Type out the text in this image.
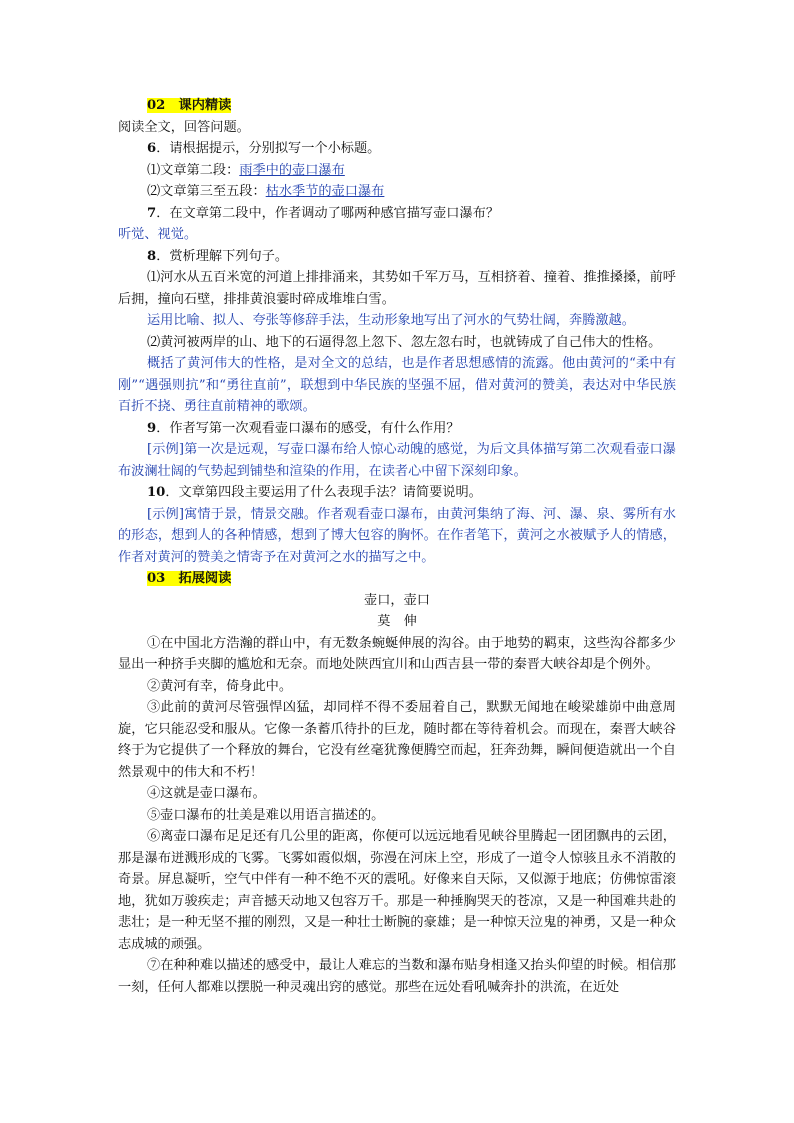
02　课内精读

阅读全文，回答问题。

6．请根据提示，分别拟写一个小标题。

⑴文章第二段：雨季中的壶口瀑布

⑵文章第三至五段：枯水季节的壶口瀑布

7．在文章第二段中，作者调动了哪两种感官描写壶口瀑布？

听觉、视觉。

8．赏析理解下列句子。

⑴河水从五百米宽的河道上排排涌来，其势如千军万马，互相挤着、撞着、推推搡搡，前呼后拥，撞向石壁，排排黄浪霎时碎成堆堆白雪。

运用比喻、拟人、夸张等修辞手法，生动形象地写出了河水的气势壮阔，奔腾激越。

⑵黄河被两岸的山、地下的石逼得忽上忽下、忽左忽右时，也就铸成了自己伟大的性格。

概括了黄河伟大的性格，是对全文的总结，也是作者思想感情的流露。他由黄河的“柔中有刚”“遇强则抗”和“勇往直前”，联想到中华民族的坚强不屈，借对黄河的赞美，表达对中华民族百折不挠、勇往直前精神的歌颂。

9．作者写第一次观看壶口瀑布的感受，有什么作用？

[示例]第一次是远观，写壶口瀑布给人惊心动魄的感觉，为后文具体描写第二次观看壶口瀑布波澜壮阔的气势起到铺垫和渲染的作用，在读者心中留下深刻印象。

10．文章第四段主要运用了什么表现手法？请简要说明。

[示例]寓情于景，情景交融。作者观看壶口瀑布，由黄河集纳了海、河、瀑、泉、雾所有水的形态，想到人的各种情感，想到了博大包容的胸怀。在作者笔下，黄河之水被赋予人的情感，作者对黄河的赞美之情寄予在对黄河之水的描写之中。

03　拓展阅读

壶口，壶口

莫　伸

①在中国北方浩瀚的群山中，有无数条蜿蜒伸展的沟谷。由于地势的羁束，这些沟谷都多少显出一种挤手夹脚的尴尬和无奈。而地处陕西宜川和山西吉县一带的秦晋大峡谷却是个例外。

②黄河有幸，倚身此中。

③此前的黄河尽管强悍凶猛，却同样不得不委屈着自己，默默无闻地在峻梁雄峁中曲意周旋，它只能忍受和服从。它像一条蓄爪待扑的巨龙，随时都在等待着机会。而现在，秦晋大峡谷终于为它提供了一个释放的舞台，它没有丝毫犹豫便腾空而起，狂奔劲舞，瞬间便造就出一个自然景观中的伟大和不朽！

④这就是壶口瀑布。

⑤壶口瀑布的壮美是难以用语言描述的。

⑥离壶口瀑布足足还有几公里的距离，你便可以远远地看见峡谷里腾起一团团飘冉的云团，那是瀑布迸溅形成的飞雾。飞雾如霞似烟，弥漫在河床上空，形成了一道令人惊骇且永不消散的奇景。屏息凝听，空气中伴有一种不绝不灭的震吼。好像来自天际，又似源于地底；仿佛惊雷滚地，犹如万骏疾走；声音撼天动地又包容万千。那是一种捶胸哭天的苍凉，又是一种国难共赴的悲壮；是一种无坚不摧的刚烈，又是一种壮士断腕的豪雄；是一种惊天泣鬼的神勇，又是一种众志成城的顽强。

⑦在种种难以描述的感受中，最让人难忘的当数和瀑布贴身相逢又抬头仰望的时候。相信那一刻，任何人都难以摆脱一种灵魂出窍的感觉。那些在远处看吼喊奔扑的洪流，在近处
